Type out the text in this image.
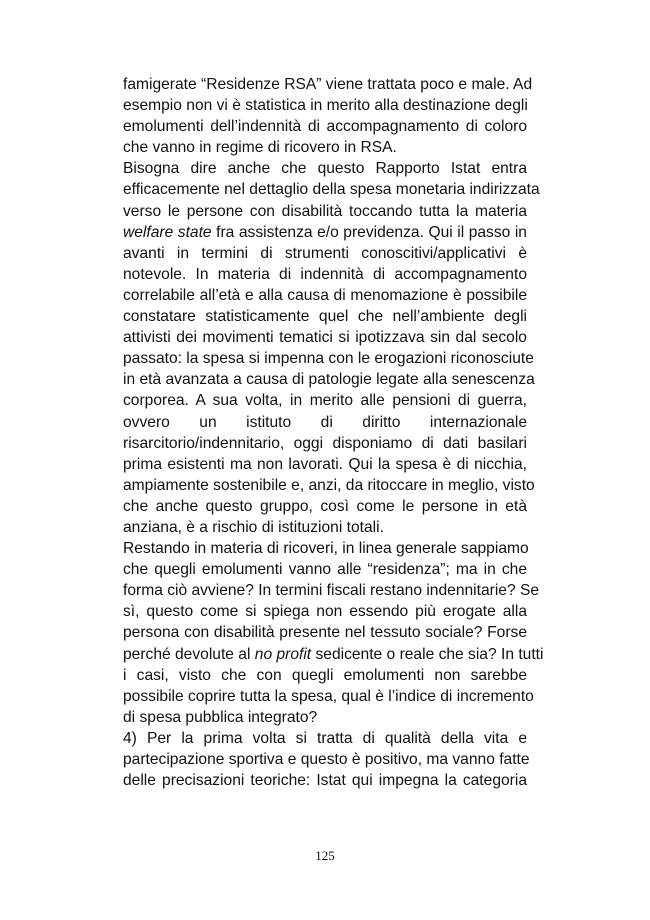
famigerate “Residenze RSA” viene trattata poco e male. Ad
esempio non vi è statistica in merito alla destinazione degli
emolumenti dell’indennità di accompagnamento di coloro
che vanno in regime di ricovero in RSA.
Bisogna dire anche che questo Rapporto Istat entra
efficacemente nel dettaglio della spesa monetaria indirizzata
verso le persone con disabilità toccando tutta la materia
welfare state fra assistenza e/o previdenza. Qui il passo in
avanti in termini di strumenti conoscitivi/applicativi è
notevole. In materia di indennità di accompagnamento
correlabile all’età e alla causa di menomazione è possibile
constatare statisticamente quel che nell’ambiente degli
attivisti dei movimenti tematici si ipotizzava sin dal secolo
passato: la spesa si impenna con le erogazioni riconosciute
in età avanzata a causa di patologie legate alla senescenza
corporea. A sua volta, in merito alle pensioni di guerra,
ovvero un istituto di diritto internazionale
risarcitorio/indennitario, oggi disponiamo di dati basilari
prima esistenti ma non lavorati. Qui la spesa è di nicchia,
ampiamente sostenibile e, anzi, da ritoccare in meglio, visto
che anche questo gruppo, così come le persone in età
anziana, è a rischio di istituzioni totali.
Restando in materia di ricoveri, in linea generale sappiamo
che quegli emolumenti vanno alle “residenza”; ma in che
forma ciò avviene? In termini fiscali restano indennitarie? Se
sì, questo come si spiega non essendo più erogate alla
persona con disabilità presente nel tessuto sociale? Forse
perché devolute al no profit sedicente o reale che sia? In tutti
i casi, visto che con quegli emolumenti non sarebbe
possibile coprire tutta la spesa, qual è l’indice di incremento
di spesa pubblica integrato?
4) Per la prima volta si tratta di qualità della vita e
partecipazione sportiva e questo è positivo, ma vanno fatte
delle precisazioni teoriche: Istat qui impegna la categoria
125
